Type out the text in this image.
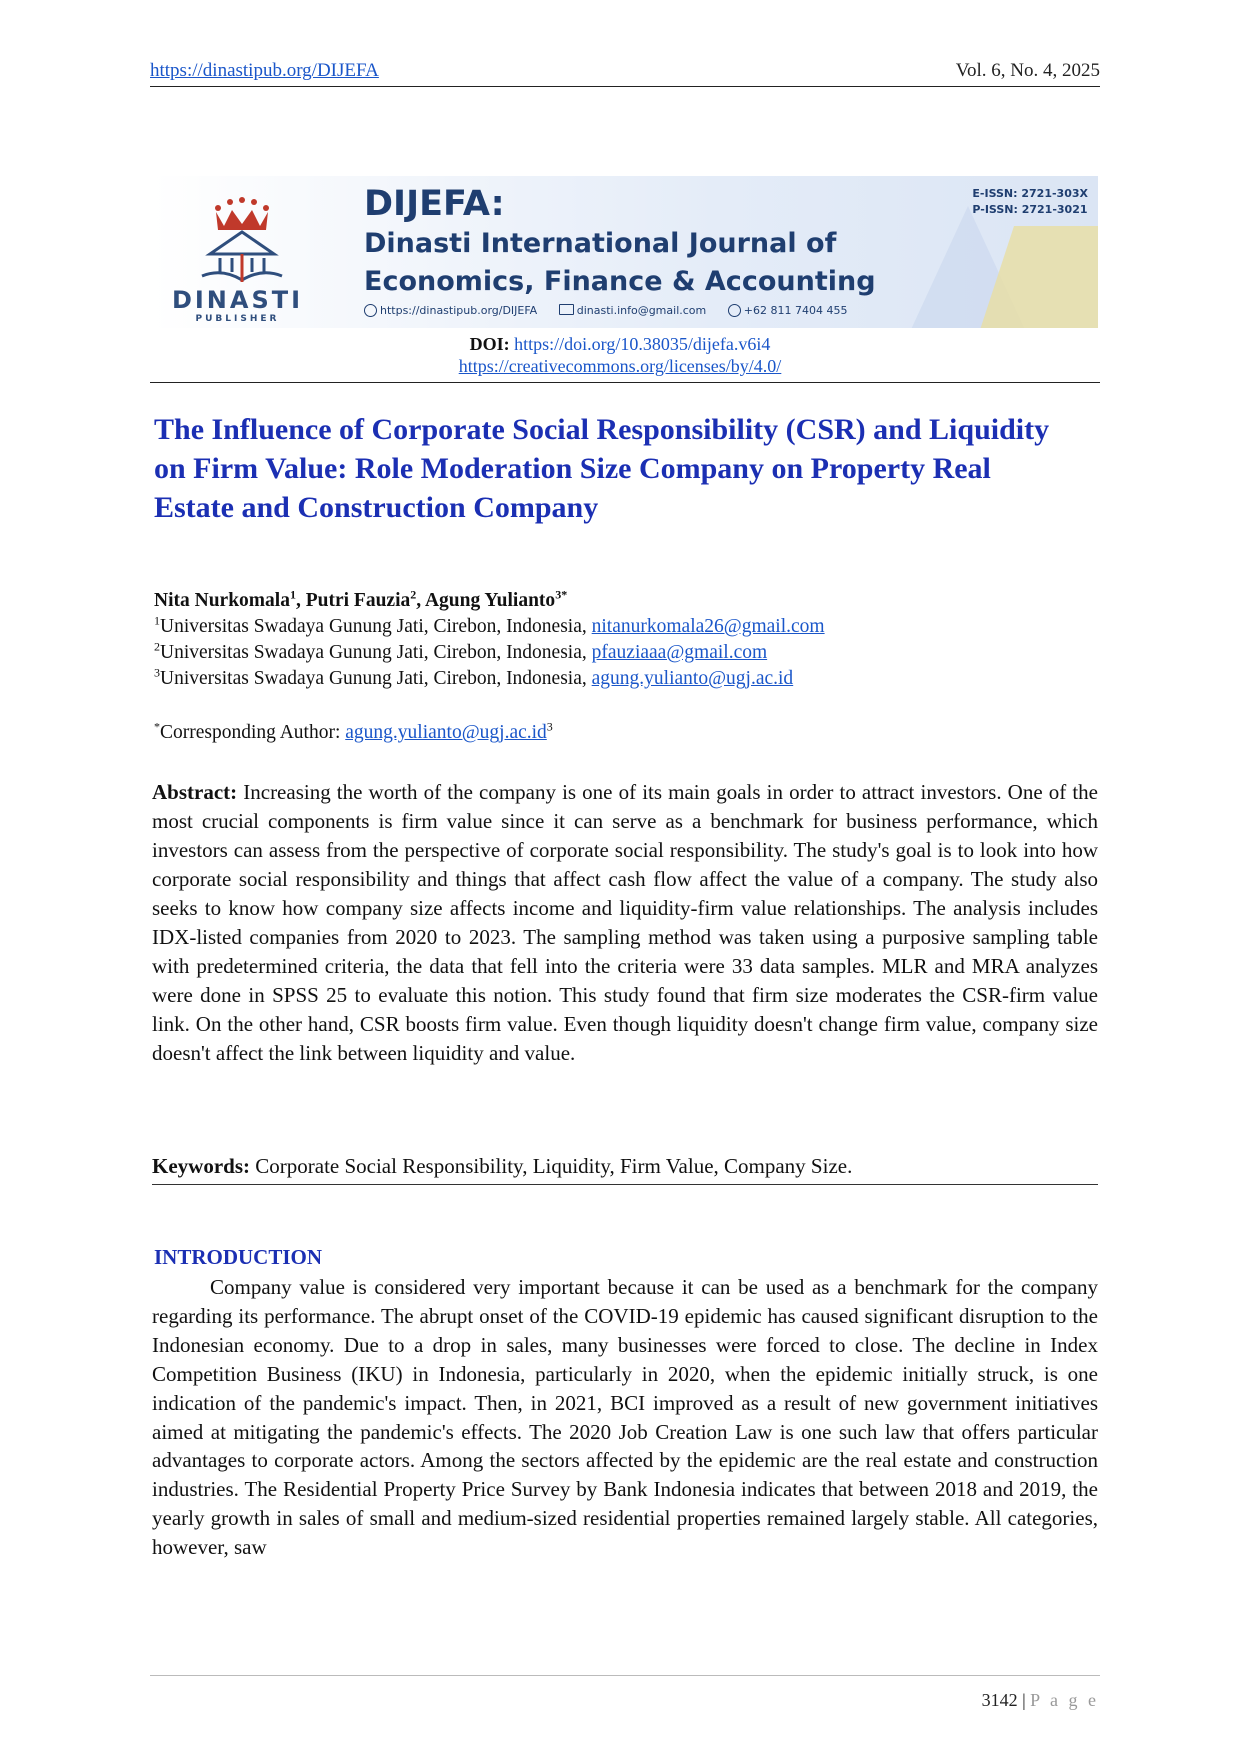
https://dinastipub.org/DIJEFA	Vol. 6, No. 4, 2025
DINASTI
PUBLISHER
DIJEFA:
Dinasti International Journal of
Economics, Finance & Accounting
https://dinastipub.org/DIJEFA	dinasti.info@gmail.com	+62 811 7404 455
E-ISSN: 2721-303X
P-ISSN: 2721-3021
DOI: https://doi.org/10.38035/dijefa.v6i4
https://creativecommons.org/licenses/by/4.0/
The Influence of Corporate Social Responsibility (CSR) and Liquidity on Firm Value: Role Moderation Size Company on Property Real Estate and Construction Company
Nita Nurkomala$^1$, Putri Fauzia$^2$, Agung Yulianto$^{3*}$
$^1$Universitas Swadaya Gunung Jati, Cirebon, Indonesia, nitanurkomala26@gmail.com
$^2$Universitas Swadaya Gunung Jati, Cirebon, Indonesia, pfauziaaa@gmail.com
$^3$Universitas Swadaya Gunung Jati, Cirebon, Indonesia, agung.yulianto@ugj.ac.id
*Corresponding Author: $agung.yulianto@ugj.ac.id^3$
Abstract: Increasing the worth of the company is one of its main goals in order to attract investors. One of the most crucial components is firm value since it can serve as a benchmark for business performance, which investors can assess from the perspective of corporate social responsibility. The study's goal is to look into how corporate social responsibility and things that affect cash flow affect the value of a company. The study also seeks to know how company size affects income and liquidity-firm value relationships. The analysis includes IDX-listed companies from 2020 to 2023. The sampling method was taken using a purposive sampling table with predetermined criteria, the data that fell into the criteria were 33 data samples. MLR and MRA analyzes were done in SPSS 25 to evaluate this notion. This study found that firm size moderates the CSR-firm value link. On the other hand, CSR boosts firm value. Even though liquidity doesn't change firm value, company size doesn't affect the link between liquidity and value.
Keywords: Corporate Social Responsibility, Liquidity, Firm Value, Company Size.
INTRODUCTION
Company value is considered very important because it can be used as a benchmark for the company regarding its performance. The abrupt onset of the COVID-19 epidemic has caused significant disruption to the Indonesian economy. Due to a drop in sales, many businesses were forced to close. The decline in Index Competition Business (IKU) in Indonesia, particularly in 2020, when the epidemic initially struck, is one indication of the pandemic's impact. Then, in 2021, BCI improved as a result of new government initiatives aimed at mitigating the pandemic's effects. The 2020 Job Creation Law is one such law that offers particular advantages to corporate actors. Among the sectors affected by the epidemic are the real estate and construction industries. The Residential Property Price Survey by Bank Indonesia indicates that between 2018 and 2019, the yearly growth in sales of small and medium-sized residential properties remained largely stable. All categories, however, saw
3142 | P a g e
